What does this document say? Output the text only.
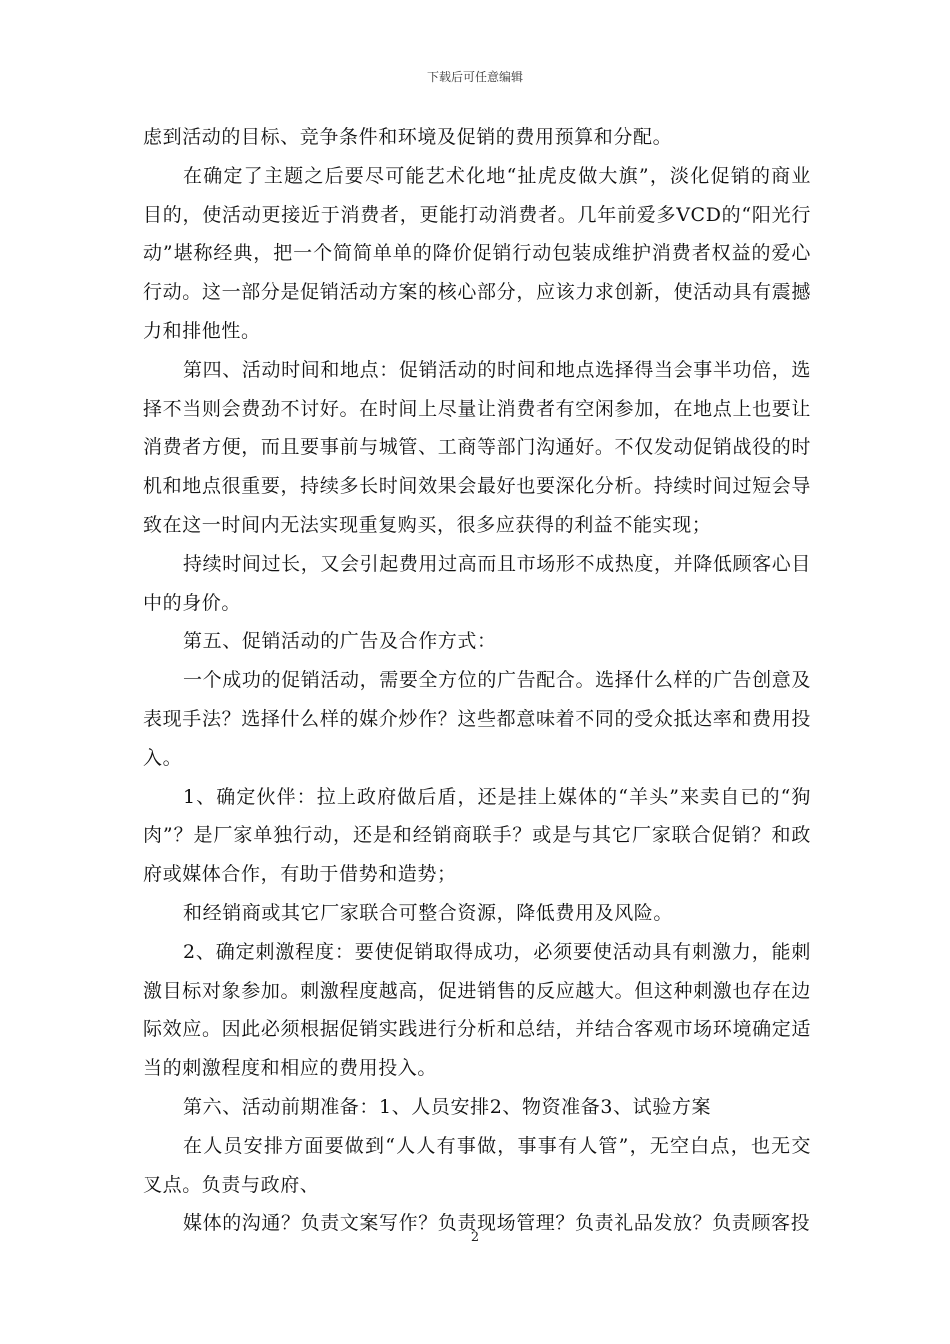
下载后可任意编辑

虑到活动的目标、竞争条件和环境及促销的费用预算和分配。

在确定了主题之后要尽可能艺术化地“扯虎皮做大旗”，淡化促销的商业目的，使活动更接近于消费者，更能打动消费者。几年前爱多VCD的“阳光行动”堪称经典，把一个简简单单的降价促销行动包装成维护消费者权益的爱心行动。这一部分是促销活动方案的核心部分，应该力求创新，使活动具有震撼力和排他性。

第四、活动时间和地点：促销活动的时间和地点选择得当会事半功倍，选择不当则会费劲不讨好。在时间上尽量让消费者有空闲参加，在地点上也要让消费者方便，而且要事前与城管、工商等部门沟通好。不仅发动促销战役的时机和地点很重要，持续多长时间效果会最好也要深化分析。持续时间过短会导致在这一时间内无法实现重复购买，很多应获得的利益不能实现；

持续时间过长，又会引起费用过高而且市场形不成热度，并降低顾客心目中的身价。

第五、促销活动的广告及合作方式：

一个成功的促销活动，需要全方位的广告配合。选择什么样的广告创意及表现手法？选择什么样的媒介炒作？这些都意味着不同的受众抵达率和费用投入。

1、确定伙伴：拉上政府做后盾，还是挂上媒体的“羊头”来卖自已的“狗肉”？是厂家单独行动，还是和经销商联手？或是与其它厂家联合促销？和政府或媒体合作，有助于借势和造势；

和经销商或其它厂家联合可整合资源，降低费用及风险。

2、确定刺激程度：要使促销取得成功，必须要使活动具有刺激力，能刺激目标对象参加。刺激程度越高，促进销售的反应越大。但这种刺激也存在边际效应。因此必须根据促销实践进行分析和总结，并结合客观市场环境确定适当的刺激程度和相应的费用投入。

第六、活动前期准备：1、人员安排2、物资准备3、试验方案

在人员安排方面要做到“人人有事做，事事有人管”，无空白点，也无交叉点。负责与政府、

媒体的沟通？负责文案写作？负责现场管理？负责礼品发放？负责顾客投

2
